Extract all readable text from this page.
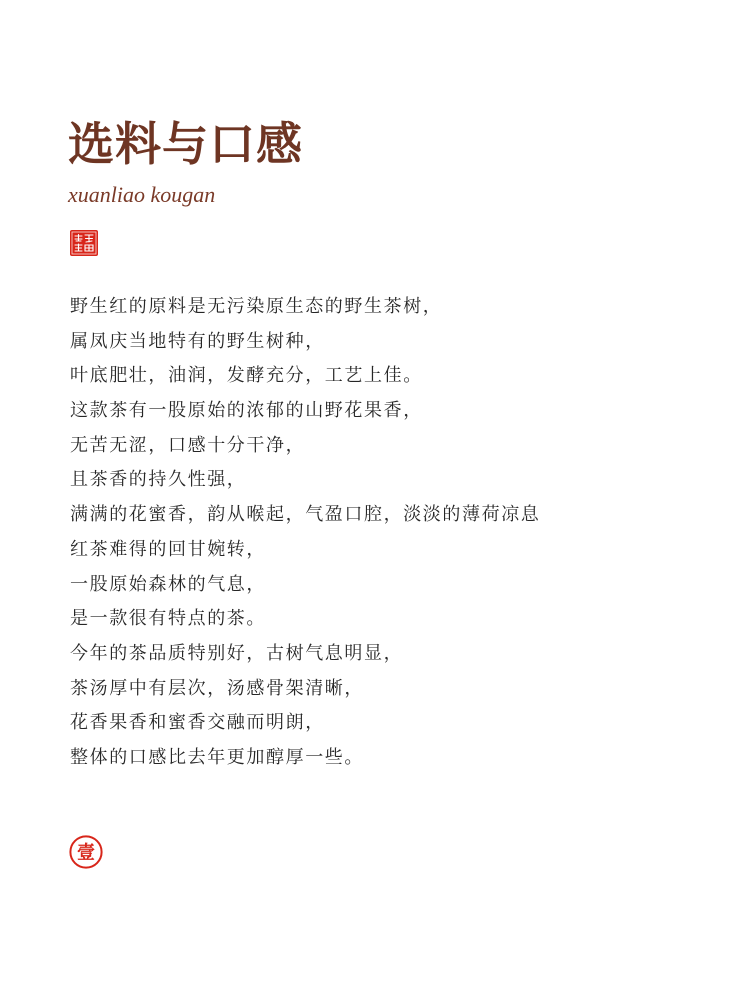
选料与口感
xuanliao kougan
野生红的原料是无污染原生态的野生茶树，
属凤庆当地特有的野生树种，
叶底肥壮，油润，发酵充分，工艺上佳。
这款茶有一股原始的浓郁的山野花果香，
无苦无涩，口感十分干净，
且茶香的持久性强，
满满的花蜜香，韵从喉起，气盈口腔，淡淡的薄荷凉息
红茶难得的回甘婉转，
一股原始森林的气息，
是一款很有特点的茶。
今年的茶品质特别好，古树气息明显，
茶汤厚中有层次，汤感骨架清晰，
花香果香和蜜香交融而明朗，
整体的口感比去年更加醇厚一些。
壹
